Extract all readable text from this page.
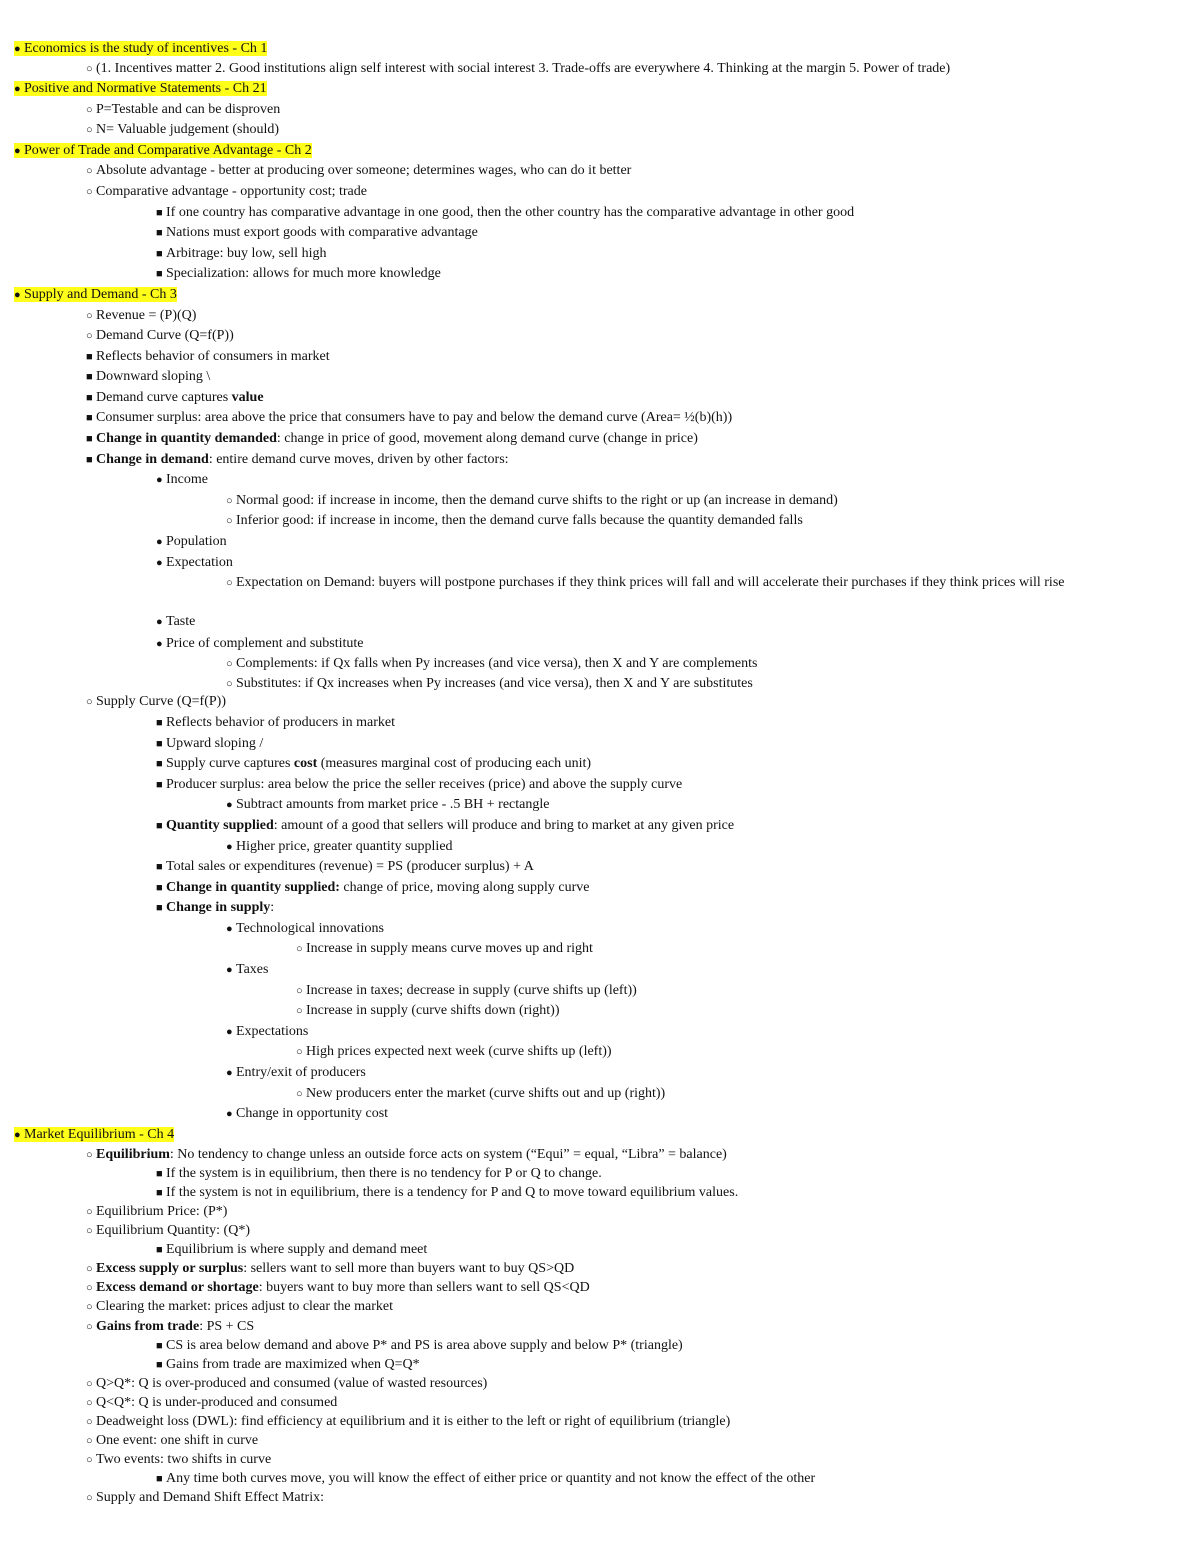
● Economics is the study of incentives - Ch 1
○ (1. Incentives matter 2. Good institutions align self interest with social interest 3. Trade-offs are everywhere 4. Thinking at the margin 5. Power of trade)
● Positive and Normative Statements - Ch 21
○ P=Testable and can be disproven
○ N= Valuable judgement (should)
● Power of Trade and Comparative Advantage - Ch 2
○ Absolute advantage - better at producing over someone; determines wages, who can do it better
○ Comparative advantage - opportunity cost; trade
■ If one country has comparative advantage in one good, then the other country has the comparative advantage in other good
■ Nations must export goods with comparative advantage
■ Arbitrage: buy low, sell high
■ Specialization: allows for much more knowledge
● Supply and Demand - Ch 3
○ Revenue = (P)(Q)
○ Demand Curve (Q=f(P))
■ Reflects behavior of consumers in market
■ Downward sloping \
■ Demand curve captures value
■ Consumer surplus: area above the price that consumers have to pay and below the demand curve (Area= ½(b)(h))
■ Change in quantity demanded: change in price of good, movement along demand curve (change in price)
■ Change in demand: entire demand curve moves, driven by other factors:
● Income
○ Normal good: if increase in income, then the demand curve shifts to the right or up (an increase in demand)
○ Inferior good: if increase in income, then the demand curve falls because the quantity demanded falls
● Population
● Expectation
○ Expectation on Demand: buyers will postpone purchases if they think prices will fall and will accelerate their purchases if they think prices will rise
● Taste
● Price of complement and substitute
○ Complements: if Qx falls when Py increases (and vice versa), then X and Y are complements
○ Substitutes: if Qx increases when Py increases (and vice versa), then X and Y are substitutes
○ Supply Curve (Q=f(P))
■ Reflects behavior of producers in market
■ Upward sloping /
■ Supply curve captures cost (measures marginal cost of producing each unit)
■ Producer surplus: area below the price the seller receives (price) and above the supply curve
● Subtract amounts from market price - .5 BH + rectangle
■ Quantity supplied: amount of a good that sellers will produce and bring to market at any given price
● Higher price, greater quantity supplied
■ Total sales or expenditures (revenue) = PS (producer surplus) + A
■ Change in quantity supplied: change of price, moving along supply curve
■ Change in supply:
● Technological innovations
○ Increase in supply means curve moves up and right
● Taxes
○ Increase in taxes; decrease in supply (curve shifts up (left))
○ Increase in supply (curve shifts down (right))
● Expectations
○ High prices expected next week (curve shifts up (left))
● Entry/exit of producers
○ New producers enter the market (curve shifts out and up (right))
● Change in opportunity cost
● Market Equilibrium - Ch 4
○ Equilibrium: No tendency to change unless an outside force acts on system (“Equi” = equal, “Libra” = balance)
■ If the system is in equilibrium, then there is no tendency for P or Q to change.
■ If the system is not in equilibrium, there is a tendency for P and Q to move toward equilibrium values.
○ Equilibrium Price: (P*)
○ Equilibrium Quantity: (Q*)
■ Equilibrium is where supply and demand meet
○ Excess supply or surplus: sellers want to sell more than buyers want to buy QS>QD
○ Excess demand or shortage: buyers want to buy more than sellers want to sell QS<QD
○ Clearing the market: prices adjust to clear the market
○ Gains from trade: PS + CS
■ CS is area below demand and above P* and PS is area above supply and below P* (triangle)
■ Gains from trade are maximized when Q=Q*
○ Q>Q*: Q is over-produced and consumed (value of wasted resources)
○ Q<Q*: Q is under-produced and consumed
○ Deadweight loss (DWL): find efficiency at equilibrium and it is either to the left or right of equilibrium (triangle)
○ One event: one shift in curve
○ Two events: two shifts in curve
■ Any time both curves move, you will know the effect of either price or quantity and not know the effect of the other
○ Supply and Demand Shift Effect Matrix:
